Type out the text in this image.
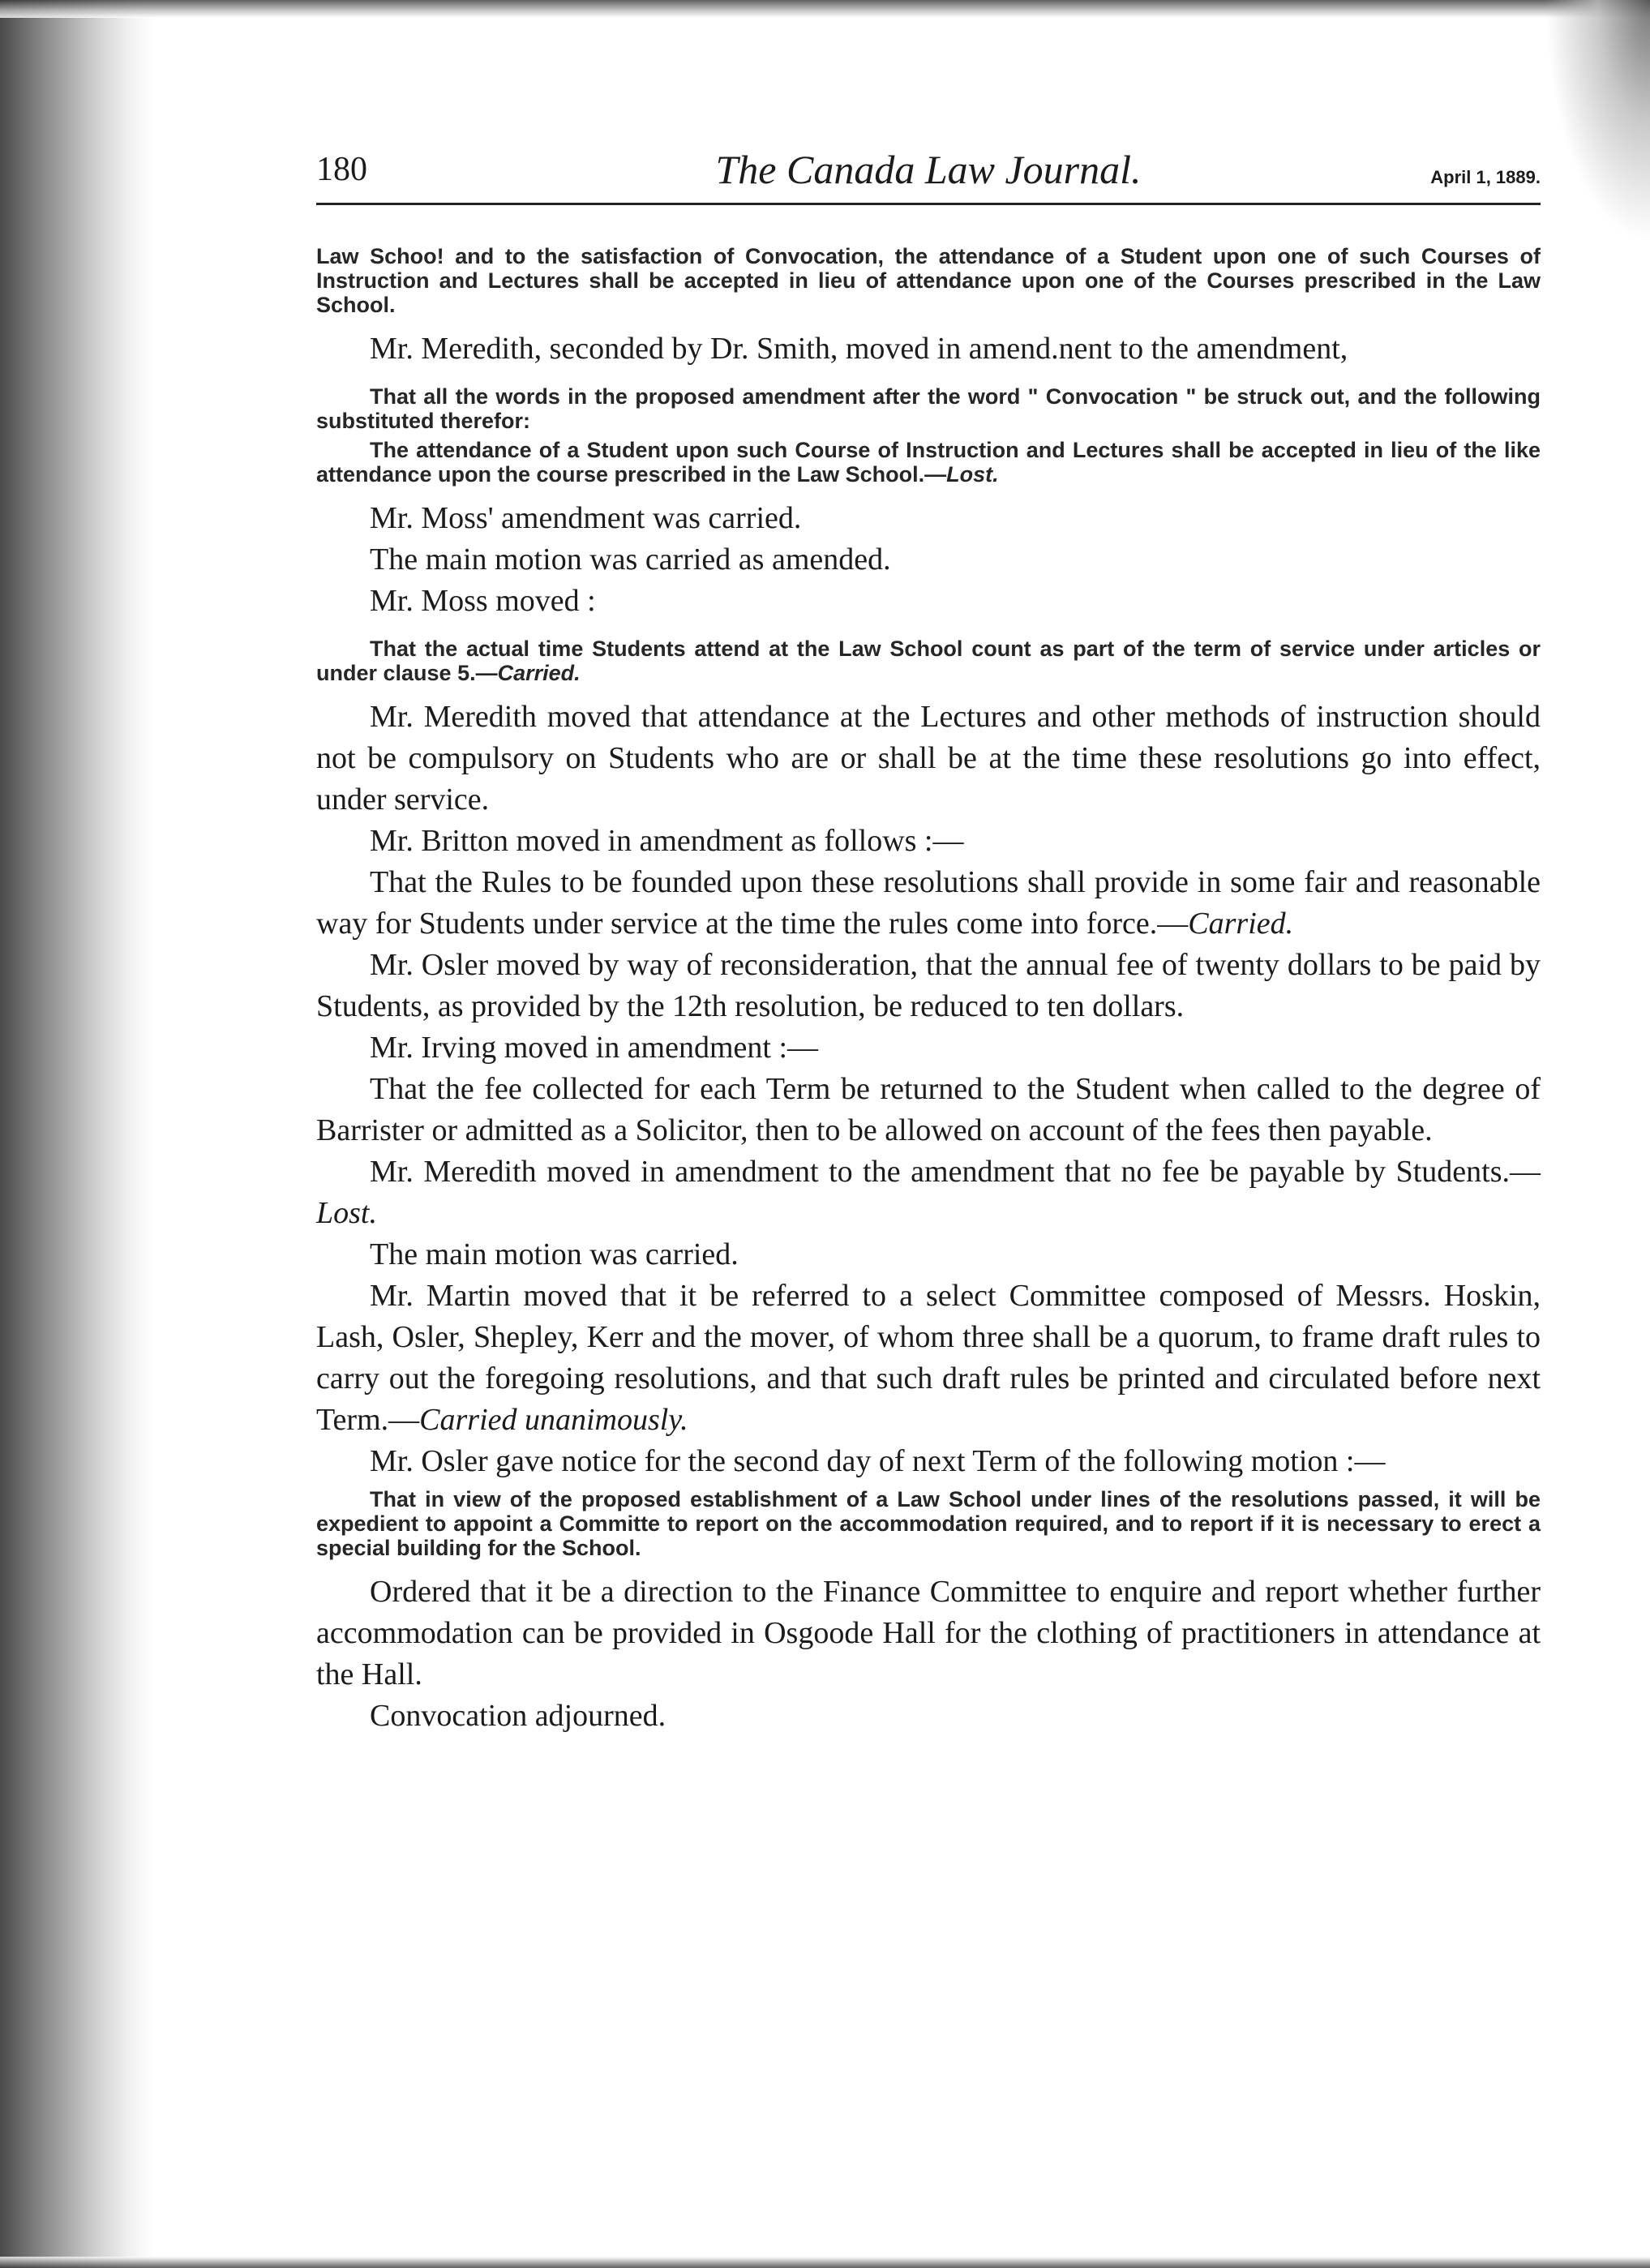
180	The Canada Law Journal.	April 1, 1889.

Law Schoo! and to the satisfaction of Convocation, the attendance of a Student upon one of such Courses of Instruction and Lectures shall be accepted in lieu of attendance upon one of the Courses prescribed in the Law School.

Mr. Meredith, seconded by Dr. Smith, moved in amend.nent to the amendment,

That all the words in the proposed amendment after the word " Convocation " be struck out, and the following substituted therefor:

The attendance of a Student upon such Course of Instruction and Lectures shall be accepted in lieu of the like attendance upon the course prescribed in the Law School.—Lost.

Mr. Moss' amendment was carried.

The main motion was carried as amended.

Mr. Moss moved :

That the actual time Students attend at the Law School count as part of the term of service under articles or under clause 5.—Carried.

Mr. Meredith moved that attendance at the Lectures and other methods of instruction should not be compulsory on Students who are or shall be at the time these resolutions go into effect, under service.

Mr. Britton moved in amendment as follows :—

That the Rules to be founded upon these resolutions shall provide in some fair and reasonable way for Students under service at the time the rules come into force.—Carried.

Mr. Osler moved by way of reconsideration, that the annual fee of twenty dollars to be paid by Students, as provided by the 12th resolution, be reduced to ten dollars.

Mr. Irving moved in amendment :—

That the fee collected for each Term be returned to the Student when called to the degree of Barrister or admitted as a Solicitor, then to be allowed on account of the fees then payable.

Mr. Meredith moved in amendment to the amendment that no fee be payable by Students.—Lost.

The main motion was carried.

Mr. Martin moved that it be referred to a select Committee composed of Messrs. Hoskin, Lash, Osler, Shepley, Kerr and the mover, of whom three shall be a quorum, to frame draft rules to carry out the foregoing resolutions, and that such draft rules be printed and circulated before next Term.—Carried unanimously.

Mr. Osler gave notice for the second day of next Term of the following motion :—

That in view of the proposed establishment of a Law School under lines of the resolutions passed, it will be expedient to appoint a Committe to report on the accommodation required, and to report if it is necessary to erect a special building for the School.

Ordered that it be a direction to the Finance Committee to enquire and report whether further accommodation can be provided in Osgoode Hall for the clothing of practitioners in attendance at the Hall.

Convocation adjourned.
